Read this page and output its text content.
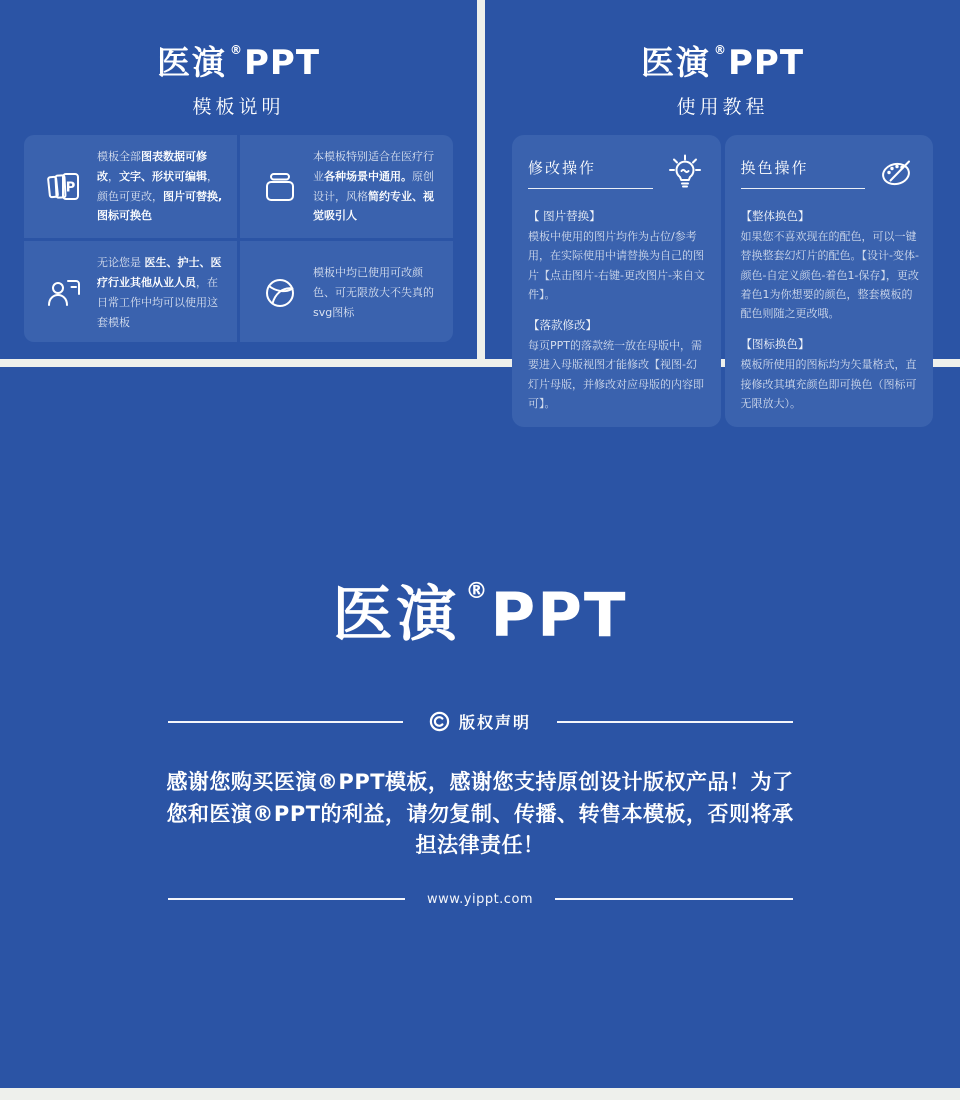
医演 ® PPT
模板说明
P
模板全部图表数据可修改，文字、形状可编辑，颜色可更改，图片可替换,图标可换色
本模板特别适合在医疗行业各种场景中通用。原创设计，风格简约专业、视觉吸引人
无论您是 医生、护士、医疗行业其他从业人员，在日常工作中均可以使用这套模板
模板中均已使用可改颜色、可无限放大不失真的svg图标
医演 ® PPT
使用教程
修改操作
【 图片替换】
模板中使用的图片均作为占位/参考用，在实际使用中请替换为自己的图片【点击图片-右键-更改图片-来自文件】。
【落款修改】
每页PPT的落款统一放在母版中，需要进入母版视图才能修改【视图-幻灯片母版，并修改对应母版的内容即可】。
换色操作
【整体换色】
如果您不喜欢现在的配色，可以一键替换整套幻灯片的配色。【设计-变体-颜色-自定义颜色-着色1-保存】，更改着色1为你想要的颜色，整套模板的配色则随之更改哦。
【图标换色】
模板所使用的图标均为矢量格式，直接修改其填充颜色即可换色（图标可无限放大）。
医演 ® PPT
版权声明
感谢您购买医演®PPT模板，感谢您支持原创设计版权产品！为了您和医演®PPT的利益，请勿复制、传播、转售本模板，否则将承担法律责任！
www.yippt.com
